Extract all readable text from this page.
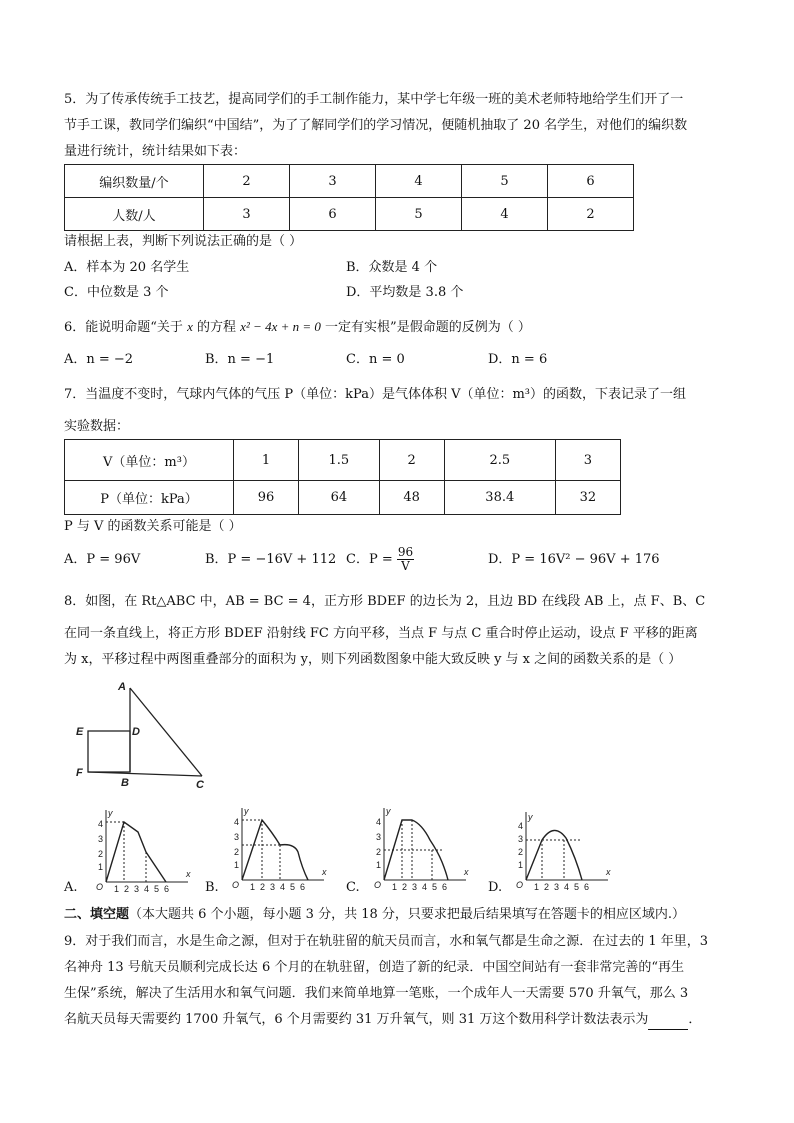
5．为了传承传统手工技艺，提高同学们的手工制作能力，某中学七年级一班的美术老师特地给学生们开了一
节手工课，教同学们编织“中国结”，为了了解同学们的学习情况，便随机抽取了 20 名学生，对他们的编织数
量进行统计，统计结果如下表：
编织数量/个	2	3	4	5	6
人数/人	3	6	5	4	2
请根据上表，判断下列说法正确的是（ ）
A．样本为 20 名学生	B．众数是 4 个
C．中位数是 3 个	D．平均数是 3.8 个
6．能说明命题“关于 x 的方程 x² − 4x + n = 0 一定有实根”是假命题的反例为（ ）
A．n = −2	B．n = −1	C．n = 0	D．n = 6
7．当温度不变时，气球内气体的气压 P（单位：kPa）是气体体积 V（单位：m³）的函数，下表记录了一组
实验数据：
V（单位：m³）	1	1.5	2	2.5	3
P（单位：kPa）	96	64	48	38.4	32
P 与 V 的函数关系可能是（ ）
A．P = 96V	B．P = −16V + 112 C．$P = \frac{96}{V}$	D．P = 16V² − 96V + 176
8．如图，在 Rt△ABC 中，AB = BC = 4，正方形 BDEF 的边长为 2，且边 BD 在线段 AB 上，点 F、B、C
在同一条直线上，将正方形 BDEF 沿射线 FC 方向平移，当点 F 与点 C 重合时停止运动，设点 F 平移的距离
为 x，平移过程中两图重叠部分的面积为 y，则下列函数图象中能大致反映 y 与 x 之间的函数关系的是（ ）
A
B	C
D
E
F
y
x
O
1
2
3
4
1 2 3 4 5 6
y
x
O
1
2
3
4
1 2 3 4 5 6
y
x
O
1
2
3
4
1 2 3 4 5 6
y
x
O
1
2
3
4
1 2 3 4 5 6
A.	B.	C.	D.
二、填空题（本大题共 6 个小题，每小题 3 分，共 18 分，只要求把最后结果填写在答题卡的相应区域内.）
9．对于我们而言，水是生命之源，但对于在轨驻留的航天员而言，水和氧气都是生命之源．在过去的 1 年里，3
名神舟 13 号航天员顺利完成长达 6 个月的在轨驻留，创造了新的纪录．中国空间站有一套非常完善的“再生
生保”系统，解决了生活用水和氧气问题．我们来简单地算一笔账，一个成年人一天需要 570 升氧气，那么 3
名航天员每天需要约 1700 升氧气，6 个月需要约 31 万升氧气，则 31 万这个数用科学计数法表示为	．
